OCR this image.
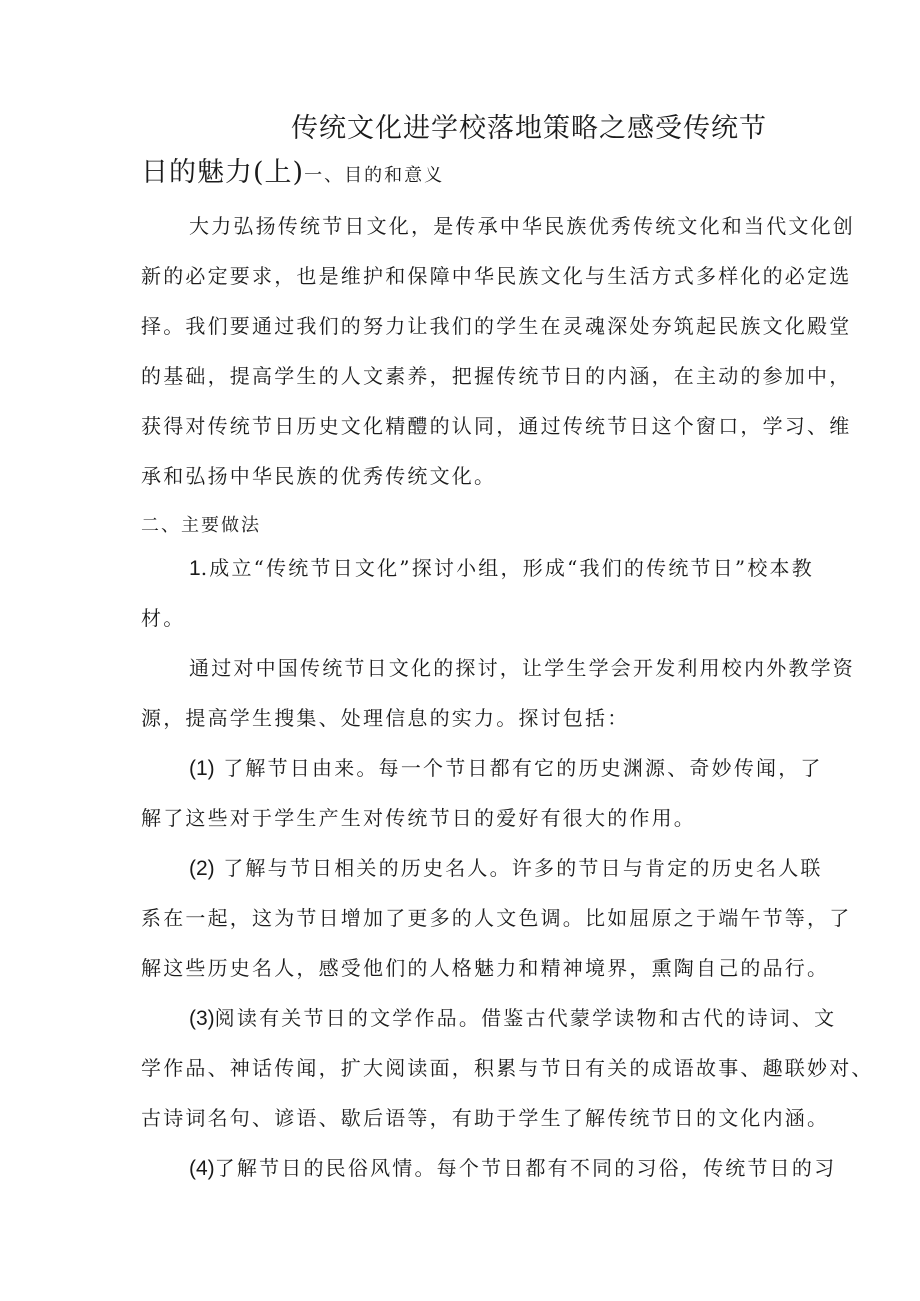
传统文化进学校落地策略之感受传统节
日的魅力(上)一、目的和意义
大力弘扬传统节日文化，是传承中华民族优秀传统文化和当代文化创
新的必定要求，也是维护和保障中华民族文化与生活方式多样化的必定选
择。我们要通过我们的努力让我们的学生在灵魂深处夯筑起民族文化殿堂
的基础，提高学生的人文素养，把握传统节日的内涵，在主动的参加中，
获得对传统节日历史文化精醴的认同，通过传统节日这个窗口，学习、维
承和弘扬中华民族的优秀传统文化。
二、主要做法
1.成立“传统节日文化”探讨小组，形成“我们的传统节日”校本教
材。
通过对中国传统节日文化的探讨，让学生学会开发利用校内外教学资
源，提高学生搜集、处理信息的实力。探讨包括：
(1) 了解节日由来。每一个节日都有它的历史渊源、奇妙传闻，了
解了这些对于学生产生对传统节日的爱好有很大的作用。
(2) 了解与节日相关的历史名人。许多的节日与肯定的历史名人联
系在一起，这为节日增加了更多的人文色调。比如屈原之于端午节等，了
解这些历史名人，感受他们的人格魅力和精神境界，熏陶自己的品行。
(3)阅读有关节日的文学作品。借鉴古代蒙学读物和古代的诗词、文
学作品、神话传闻，扩大阅读面，积累与节日有关的成语故事、趣联妙对、
古诗词名句、谚语、歇后语等，有助于学生了解传统节日的文化内涵。
(4)了解节日的民俗风情。每个节日都有不同的习俗，传统节日的习
